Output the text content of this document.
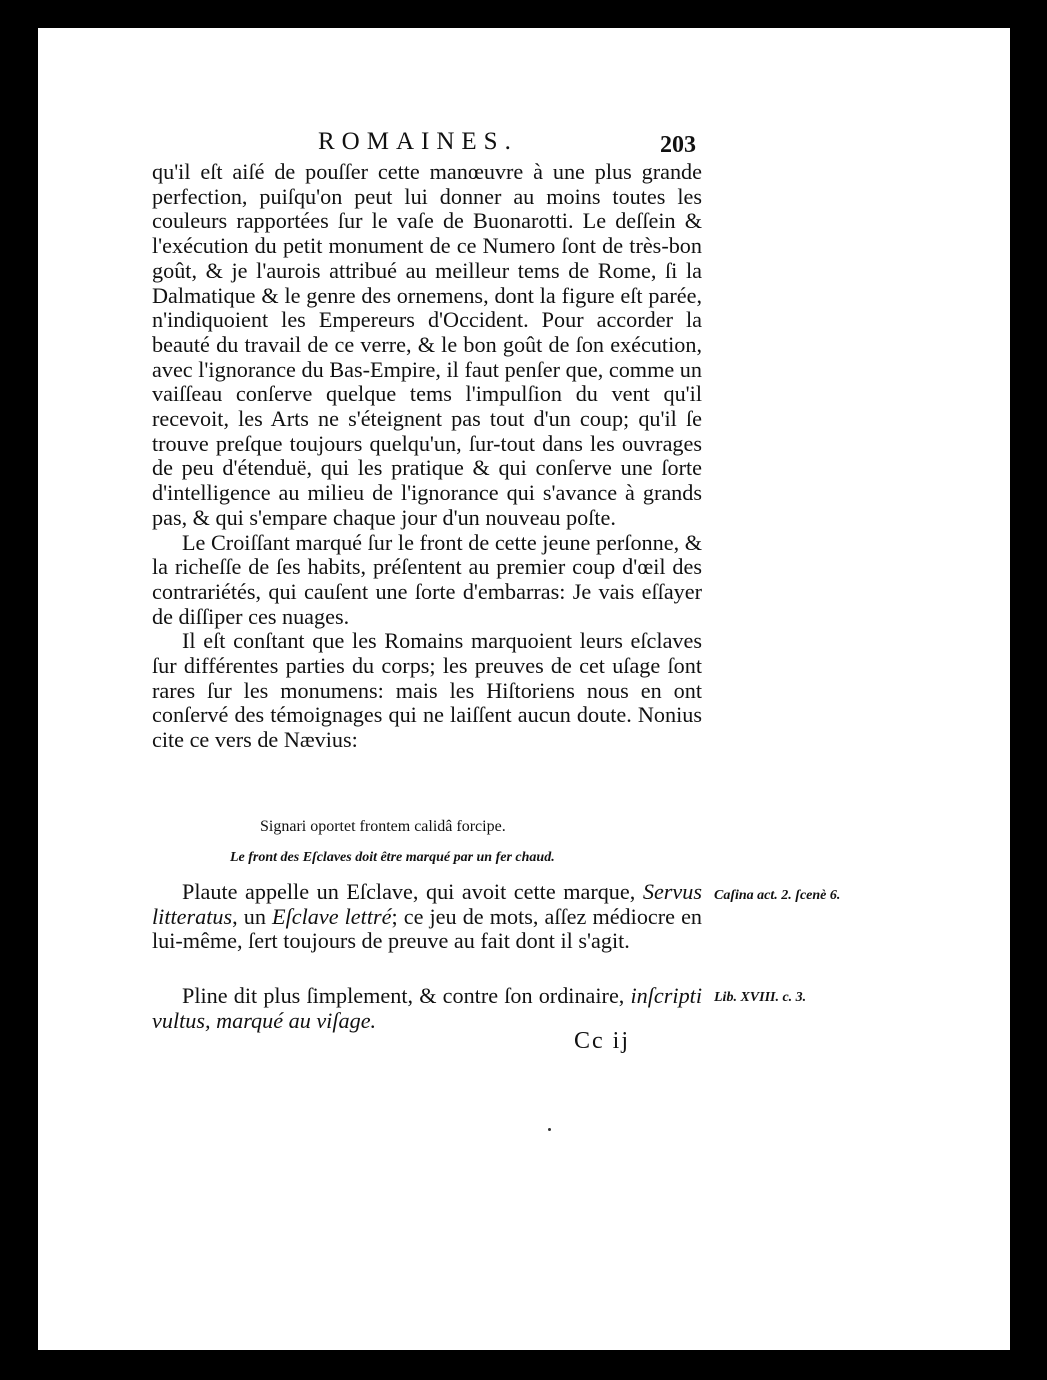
ROMAINES.	203

qu'il eſt aiſé de pouſſer cette manœuvre à une plus grande perfection, puiſqu'on peut lui donner au moins toutes les couleurs rapportées ſur le vaſe de Buonarotti. Le deſſein & l'exécution du petit monument de ce Numero ſont de très-bon goût, & je l'aurois attribué au meilleur tems de Rome, ſi la Dalmatique & le genre des ornemens, dont la figure eſt parée, n'indiquoient les Empereurs d'Occident. Pour accorder la beauté du travail de ce verre, & le bon goût de ſon exécution, avec l'ignorance du Bas-Empire, il faut penſer que, comme un vaiſſeau conſerve quelque tems l'impulſion du vent qu'il recevoit, les Arts ne s'éteignent pas tout d'un coup; qu'il ſe trouve preſque toujours quelqu'un, ſur-tout dans les ouvrages de peu d'étenduë, qui les pratique & qui conſerve une ſorte d'intelligence au milieu de l'ignorance qui s'avance à grands pas, & qui s'empare chaque jour d'un nouveau poſte.

Le Croiſſant marqué ſur le front de cette jeune perſonne, & la richeſſe de ſes habits, préſentent au premier coup d'œil des contrariétés, qui cauſent une ſorte d'embarras: Je vais eſſayer de diſſiper ces nuages.

Il eſt conſtant que les Romains marquoient leurs eſclaves ſur différentes parties du corps; les preuves de cet uſage ſont rares ſur les monumens: mais les Hiſtoriens nous en ont conſervé des témoignages qui ne laiſſent aucun doute. Nonius cite ce vers de Nævius:

Signari oportet frontem calidâ forcipe.
Le front des Eſclaves doit être marqué par un fer chaud.

Plaute appelle un Eſclave, qui avoit cette marque, Servus litteratus, un Eſclave lettré; ce jeu de mots, aſſez médiocre en lui-même, ſert toujours de preuve au fait dont il s'agit.

Pline dit plus ſimplement, & contre ſon ordinaire, inſcripti vultus, marqué au viſage.

Caſina act. 2. ſcenè 6.
Lib. XVIII. c. 3.
Cc ij
